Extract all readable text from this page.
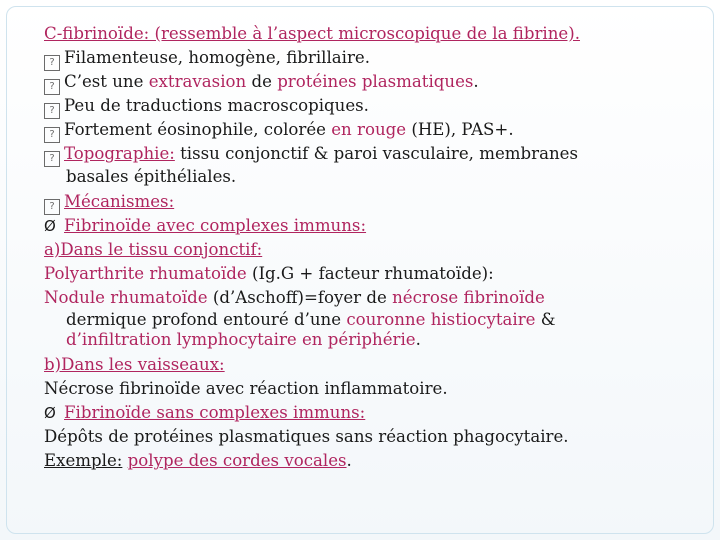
C-fibrinoïde: (ressemble à l’aspect microscopique de la fibrine).
? Filamenteuse, homogène, fibrillaire.
? C’est une extravasion de protéines plasmatiques.
? Peu de traductions macroscopiques.
? Fortement éosinophile, colorée en rouge (HE), PAS+.
? Topographie: tissu conjonctif & paroi vasculaire, membranes
basales épithéliales.
? Mécanismes:
Ø Fibrinoïde avec complexes immuns:
a)Dans le tissu conjonctif:
Polyarthrite rhumatoïde (Ig.G + facteur rhumatoïde):
Nodule rhumatoïde (d’Aschoff)=foyer de nécrose fibrinoïde
dermique profond entouré d’une couronne histiocytaire &
d’infiltration lymphocytaire en périphérie.
b)Dans les vaisseaux:
Nécrose fibrinoïde avec réaction inflammatoire.
Ø Fibrinoïde sans complexes immuns:
Dépôts de protéines plasmatiques sans réaction phagocytaire.
Exemple: polype des cordes vocales.
